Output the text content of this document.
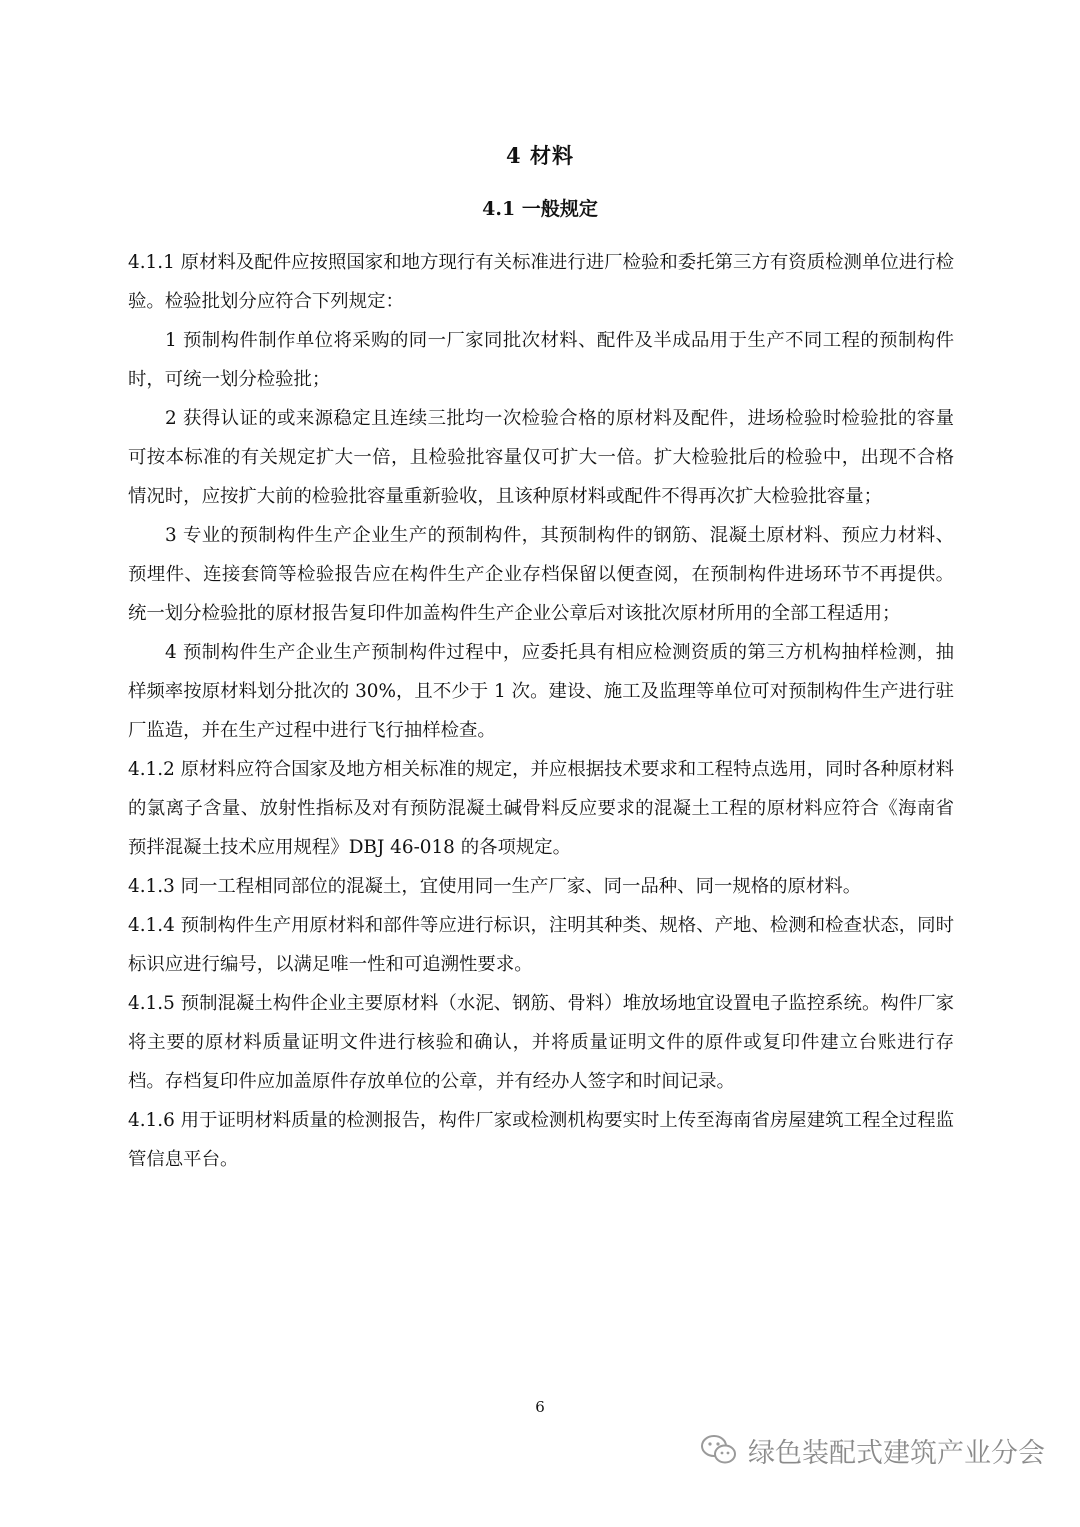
4 材料
4.1 一般规定

4.1.1 原材料及配件应按照国家和地方现行有关标准进行进厂检验和委托第三方有资质检测单位进行检验。检验批划分应符合下列规定：

1 预制构件制作单位将采购的同一厂家同批次材料、配件及半成品用于生产不同工程的预制构件时，可统一划分检验批；

2 获得认证的或来源稳定且连续三批均一次检验合格的原材料及配件，进场检验时检验批的容量可按本标准的有关规定扩大一倍，且检验批容量仅可扩大一倍。扩大检验批后的检验中，出现不合格情况时，应按扩大前的检验批容量重新验收，且该种原材料或配件不得再次扩大检验批容量；

3 专业的预制构件生产企业生产的预制构件，其预制构件的钢筋、混凝土原材料、预应力材料、预埋件、连接套筒等检验报告应在构件生产企业存档保留以便查阅，在预制构件进场环节不再提供。统一划分检验批的原材报告复印件加盖构件生产企业公章后对该批次原材所用的全部工程适用；

4 预制构件生产企业生产预制构件过程中，应委托具有相应检测资质的第三方机构抽样检测，抽样频率按原材料划分批次的 30%，且不少于 1 次。建设、施工及监理等单位可对预制构件生产进行驻厂监造，并在生产过程中进行飞行抽样检查。

4.1.2 原材料应符合国家及地方相关标准的规定，并应根据技术要求和工程特点选用，同时各种原材料的氯离子含量、放射性指标及对有预防混凝土碱骨料反应要求的混凝土工程的原材料应符合《海南省预拌混凝土技术应用规程》DBJ 46-018 的各项规定。

4.1.3 同一工程相同部位的混凝土，宜使用同一生产厂家、同一品种、同一规格的原材料。

4.1.4 预制构件生产用原材料和部件等应进行标识，注明其种类、规格、产地、检测和检查状态，同时标识应进行编号，以满足唯一性和可追溯性要求。

4.1.5 预制混凝土构件企业主要原材料（水泥、钢筋、骨料）堆放场地宜设置电子监控系统。构件厂家将主要的原材料质量证明文件进行核验和确认，并将质量证明文件的原件或复印件建立台账进行存档。存档复印件应加盖原件存放单位的公章，并有经办人签字和时间记录。

4.1.6 用于证明材料质量的检测报告，构件厂家或检测机构要实时上传至海南省房屋建筑工程全过程监管信息平台。

6
绿色装配式建筑产业分会
